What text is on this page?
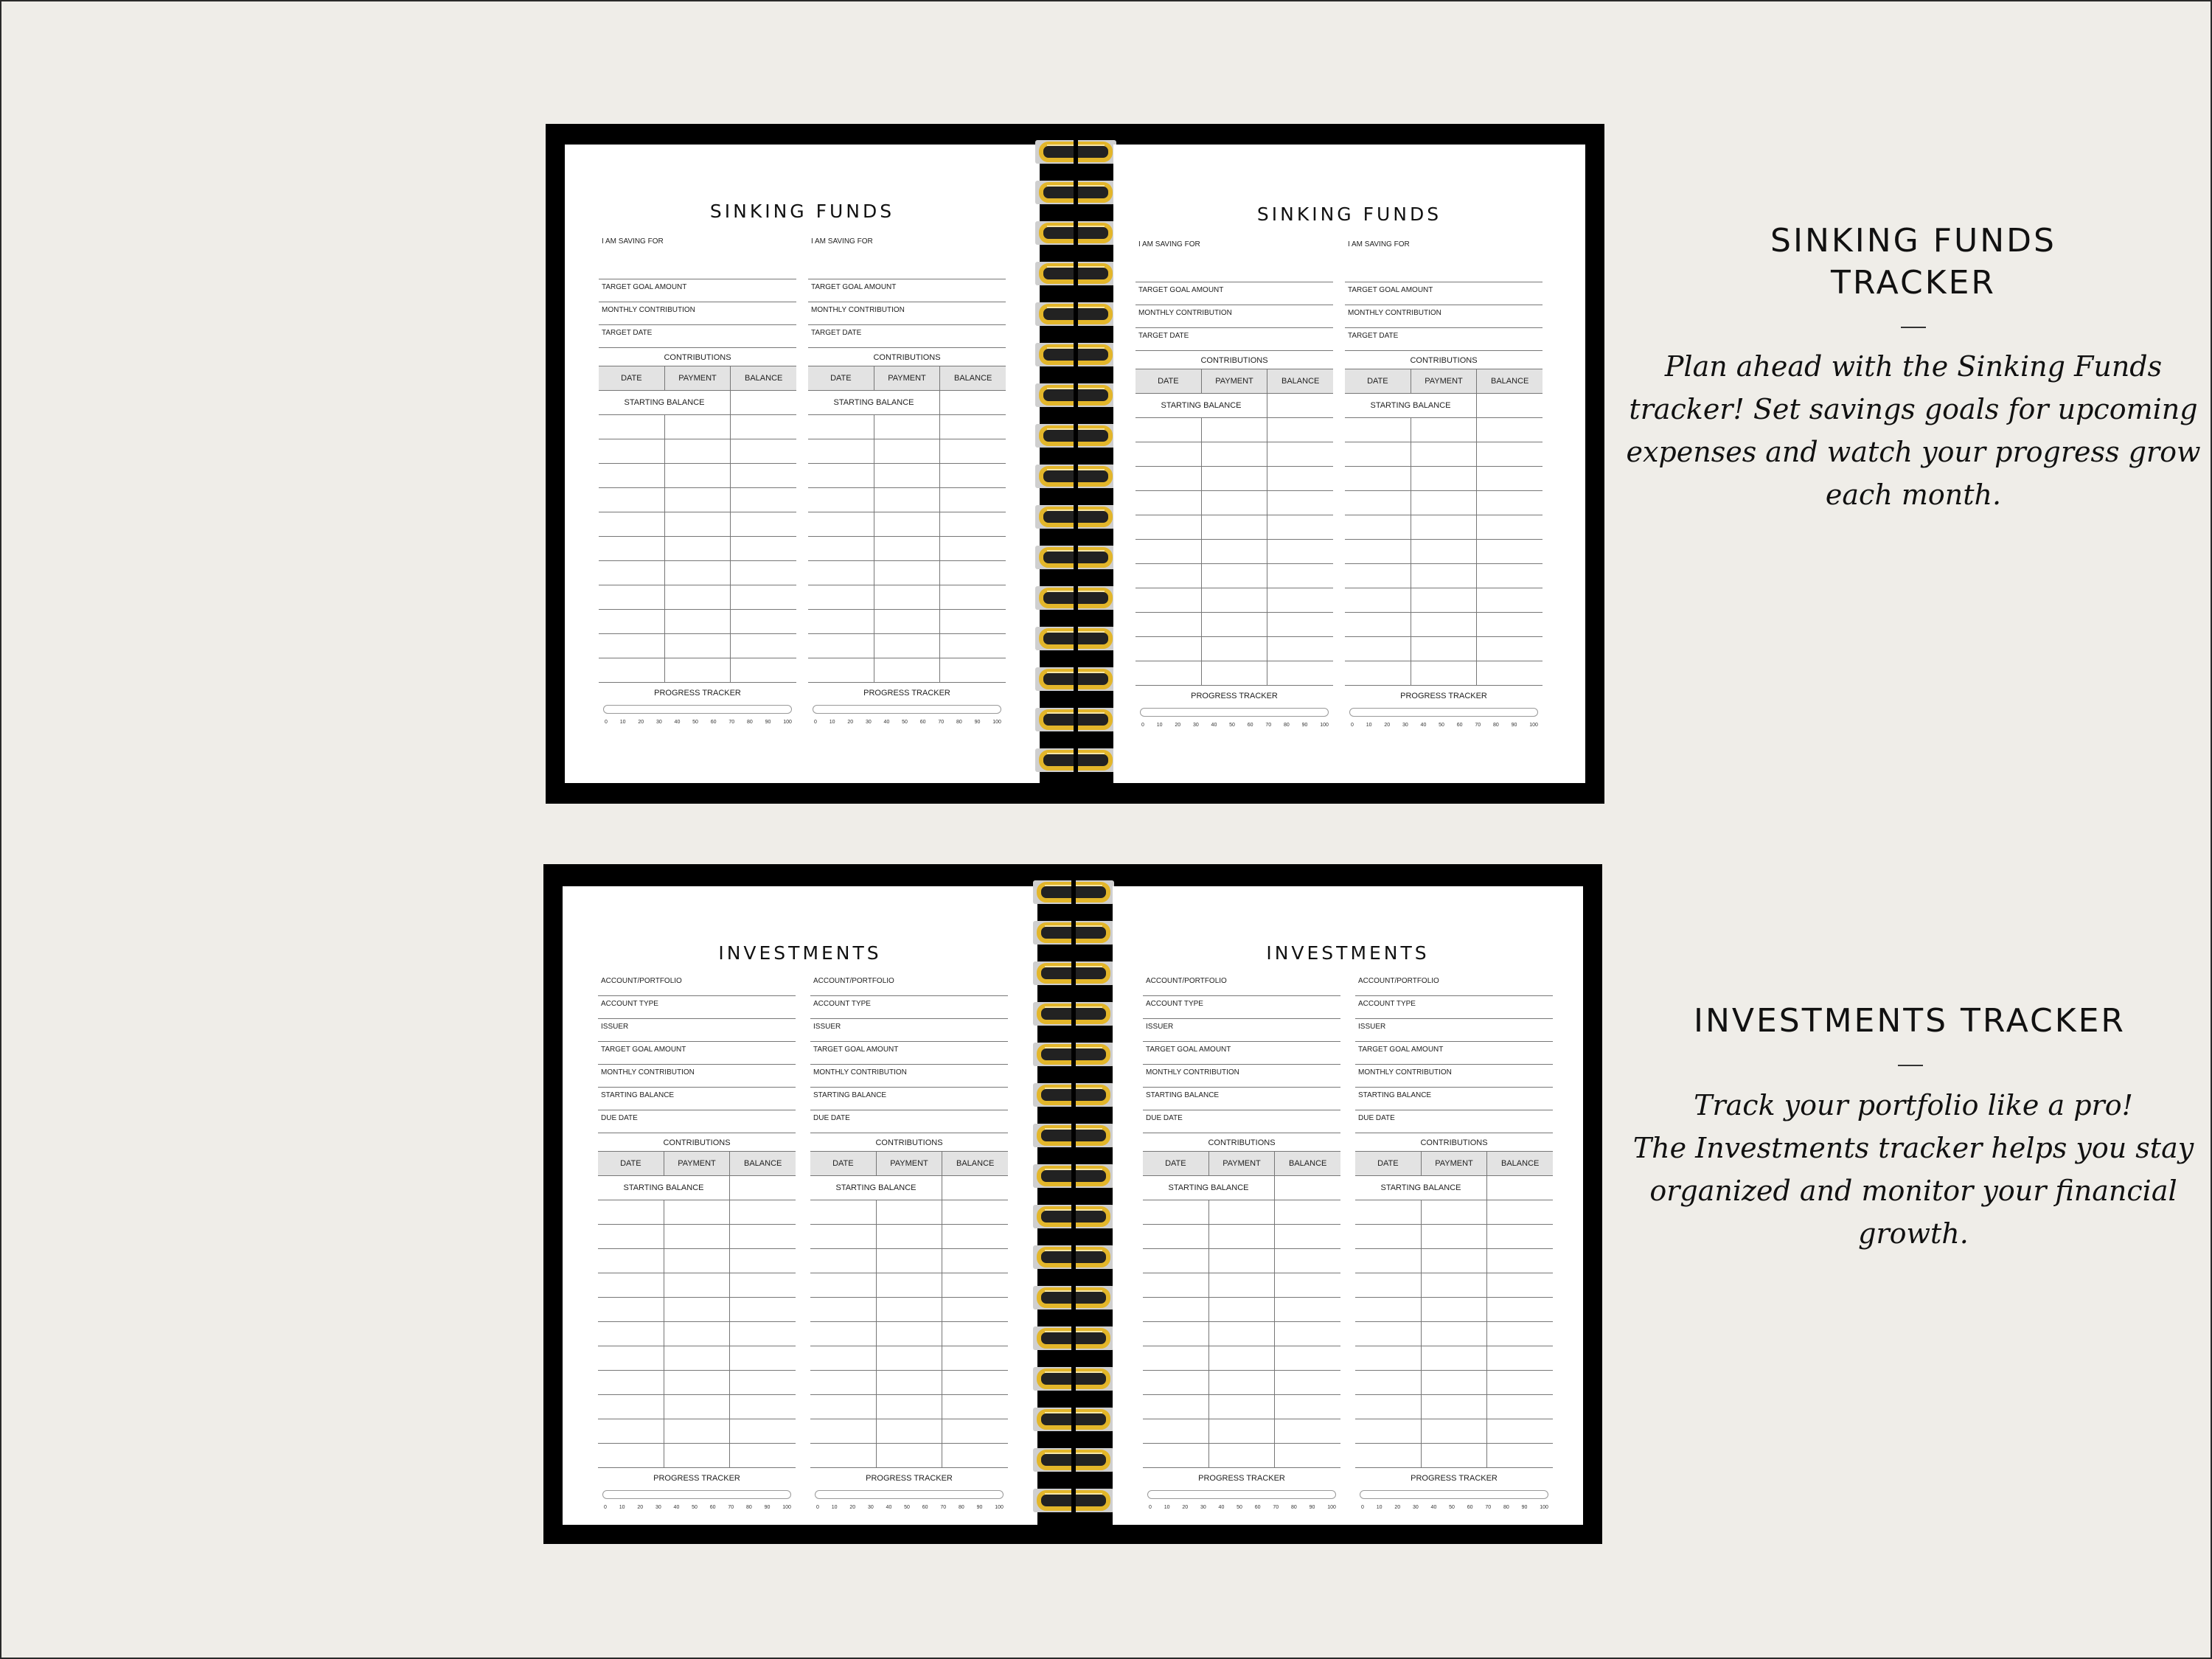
SINKING FUNDS
I AM SAVING FOR
TARGET GOAL AMOUNT
MONTHLY CONTRIBUTION
TARGET DATE
CONTRIBUTIONS
DATE	PAYMENT	BALANCE
STARTING BALANCE
PROGRESS TRACKER
0 10 20 30 40 50 60 70 80 90 100
I AM SAVING FOR
TARGET GOAL AMOUNT
MONTHLY CONTRIBUTION
TARGET DATE
CONTRIBUTIONS
DATE	PAYMENT	BALANCE
STARTING BALANCE
PROGRESS TRACKER
0 10 20 30 40 50 60 70 80 90 100
SINKING FUNDS
I AM SAVING FOR
TARGET GOAL AMOUNT
MONTHLY CONTRIBUTION
TARGET DATE
CONTRIBUTIONS
DATE	PAYMENT	BALANCE
STARTING BALANCE
PROGRESS TRACKER
0 10 20 30 40 50 60 70 80 90 100
I AM SAVING FOR
TARGET GOAL AMOUNT
MONTHLY CONTRIBUTION
TARGET DATE
CONTRIBUTIONS
DATE	PAYMENT	BALANCE
STARTING BALANCE
PROGRESS TRACKER
0 10 20 30 40 50 60 70 80 90 100
INVESTMENTS
ACCOUNT/PORTFOLIO
ACCOUNT TYPE
ISSUER
TARGET GOAL AMOUNT
MONTHLY CONTRIBUTION
STARTING BALANCE
DUE DATE
CONTRIBUTIONS
DATE	PAYMENT	BALANCE
STARTING BALANCE
PROGRESS TRACKER
0 10 20 30 40 50 60 70 80 90 100
ACCOUNT/PORTFOLIO
ACCOUNT TYPE
ISSUER
TARGET GOAL AMOUNT
MONTHLY CONTRIBUTION
STARTING BALANCE
DUE DATE
CONTRIBUTIONS
DATE	PAYMENT	BALANCE
STARTING BALANCE
PROGRESS TRACKER
0 10 20 30 40 50 60 70 80 90 100
INVESTMENTS
ACCOUNT/PORTFOLIO
ACCOUNT TYPE
ISSUER
TARGET GOAL AMOUNT
MONTHLY CONTRIBUTION
STARTING BALANCE
DUE DATE
CONTRIBUTIONS
DATE	PAYMENT	BALANCE
STARTING BALANCE
PROGRESS TRACKER
0 10 20 30 40 50 60 70 80 90 100
ACCOUNT/PORTFOLIO
ACCOUNT TYPE
ISSUER
TARGET GOAL AMOUNT
MONTHLY CONTRIBUTION
STARTING BALANCE
DUE DATE
CONTRIBUTIONS
DATE	PAYMENT	BALANCE
STARTING BALANCE
PROGRESS TRACKER
0 10 20 30 40 50 60 70 80 90 100
SINKING FUNDS
TRACKER
Plan ahead with the Sinking Funds
tracker! Set savings goals for upcoming
expenses and watch your progress grow
each month.
INVESTMENTS TRACKER
Track your portfolio like a pro!
The Investments tracker helps you stay
organized and monitor your financial
growth.
